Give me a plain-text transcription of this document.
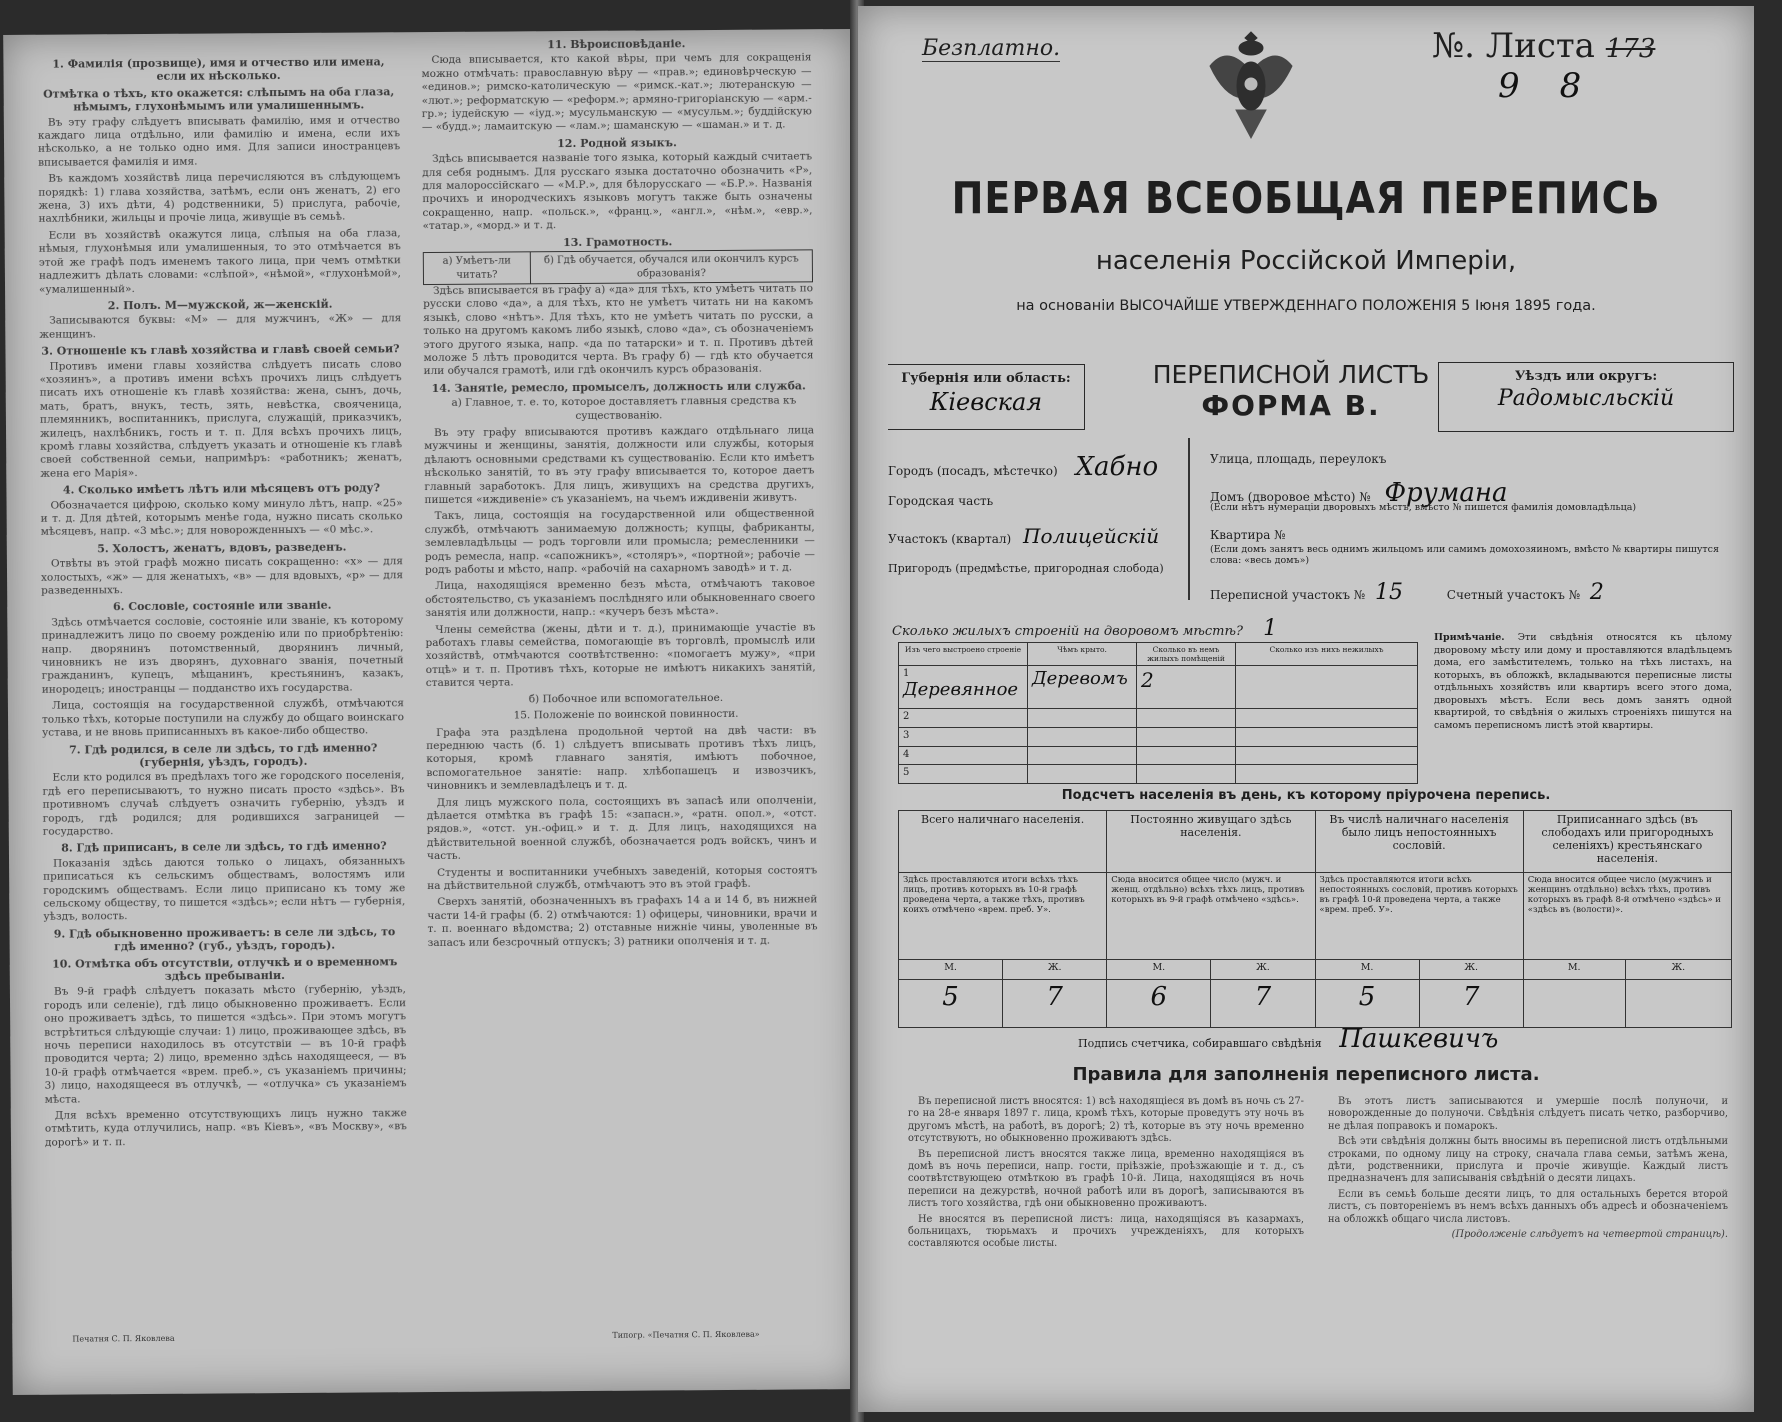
1. Фамилія (прозвище), имя и отчество или имена, если их нѣсколько.
Отмѣтка о тѣхъ, кто окажется: слѣпымъ на оба глаза, нѣмымъ, глухонѣмымъ или умалишеннымъ.

Въ эту графу слѣдуетъ вписывать фамилію, имя и отчество каждаго лица отдѣльно, или фамилію и имена, если ихъ нѣсколько, а не только одно имя. Для записи иностранцевъ вписывается фамилія и имя.

Въ каждомъ хозяйствѣ лица перечисляются въ слѣдующемъ порядкѣ: 1) глава хозяйства, затѣмъ, если онъ женатъ, 2) его жена, 3) ихъ дѣти, 4) родственники, 5) прислуга, рабочіе, нахлѣбники, жильцы и прочіе лица, живущіе въ семьѣ.

Если въ хозяйствѣ окажутся лица, слѣпыя на оба глаза, нѣмыя, глухонѣмыя или умалишенныя, то это отмѣчается въ этой же графѣ подъ именемъ такого лица, при чемъ отмѣтки надлежитъ дѣлать словами: «слѣпой», «нѣмой», «глухонѣмой», «умалишенный».

2. Полъ. М—мужской, ж—женскій.

Записываются буквы: «М» — для мужчинъ, «Ж» — для женщинъ.

3. Отношеніе къ главѣ хозяйства и главѣ своей семьи?

Противъ имени главы хозяйства слѣдуетъ писать слово «хозяинъ», а противъ имени всѣхъ прочихъ лицъ слѣдуетъ писать ихъ отношеніе къ главѣ хозяйства: жена, сынъ, дочь, мать, братъ, внукъ, тесть, зять, невѣстка, свояченица, племянникъ, воспитанникъ, прислуга, служащій, приказчикъ, жилецъ, нахлѣбникъ, гость и т. п. Для всѣхъ прочихъ лицъ, кромѣ главы хозяйства, слѣдуетъ указать и отношеніе къ главѣ своей собственной семьи, напримѣръ: «работникъ; женатъ, жена его Марія».

4. Сколько имѣетъ лѣтъ или мѣсяцевъ отъ роду?

Обозначается цифрою, сколько кому минуло лѣтъ, напр. «25» и т. д. Для дѣтей, которымъ менѣе года, нужно писать сколько мѣсяцевъ, напр. «3 мѣс.»; для новорожденныхъ — «0 мѣс.».

5. Холостъ, женатъ, вдовъ, разведенъ.

Отвѣты въ этой графѣ можно писать сокращенно: «х» — для холостыхъ, «ж» — для женатыхъ, «в» — для вдовыхъ, «р» — для разведенныхъ.

6. Сословіе, состояніе или званіе.

Здѣсь отмѣчается сословіе, состояніе или званіе, къ которому принадлежитъ лицо по своему рожденію или по приобрѣтенію: напр. дворянинъ потомственный, дворянинъ личный, чиновникъ не изъ дворянъ, духовнаго званія, почетный гражданинъ, купецъ, мѣщанинъ, крестьянинъ, казакъ, инородецъ; иностранцы — подданство ихъ государства.

Лица, состоящія на государственной службѣ, отмѣчаются только тѣхъ, которые поступили на службу до общаго воинскаго устава, и не вновь приписанныхъ въ какое-либо общество.

7. Гдѣ родился, в селе ли здѣсь, то гдѣ именно? (губернія, уѣздъ, городъ).

Если кто родился въ предѣлахъ того же городского поселенія, гдѣ его переписываютъ, то нужно писать просто «здѣсь». Въ противномъ случаѣ слѣдуетъ означить губернію, уѣздъ и городъ, гдѣ родился; для родившихся заграницей — государство.

8. Гдѣ приписанъ, в селе ли здѣсь, то гдѣ именно?

Показанія здѣсь даются только о лицахъ, обязанныхъ приписаться къ сельскимъ обществамъ, волостямъ или городскимъ обществамъ. Если лицо приписано къ тому же сельскому обществу, то пишется «здѣсь»; если нѣтъ — губернія, уѣздъ, волость.

9. Гдѣ обыкновенно проживаетъ: в селе ли здѣсь, то гдѣ именно? (губ., уѣздъ, городъ).
10. Отмѣтка объ отсутствіи, отлучкѣ и о временномъ здѣсь пребываніи.

Въ 9-й графѣ слѣдуетъ показать мѣсто (губернію, уѣздъ, городъ или селеніе), гдѣ лицо обыкновенно проживаетъ. Если оно проживаетъ здѣсь, то пишется «здѣсь». При этомъ могутъ встрѣтиться слѣдующіе случаи: 1) лицо, проживающее здѣсь, въ ночь переписи находилось въ отсутствіи — въ 10-й графѣ проводится черта; 2) лицо, временно здѣсь находящееся, — въ 10-й графѣ отмѣчается «врем. преб.», съ указаніемъ причины; 3) лицо, находящееся въ отлучкѣ, — «отлучка» съ указаніемъ мѣста.

Для всѣхъ временно отсутствующихъ лицъ нужно также отмѣтить, куда отлучились, напр. «въ Кіевъ», «въ Москву», «въ дорогѣ» и т. п.

11. Вѣроисповѣданіе.

Сюда вписывается, кто какой вѣры, при чемъ для сокращенія можно отмѣчать: православную вѣру — «прав.»; единовѣрческую — «единов.»; римско-католическую — «римск.-кат.»; лютеранскую — «лют.»; реформатскую — «реформ.»; армяно-григоріанскую — «арм.-гр.»; іудейскую — «іуд.»; мусульманскую — «мусульм.»; буддійскую — «будд.»; ламаитскую — «лам.»; шаманскую — «шаман.» и т. д.

12. Родной языкъ.

Здѣсь вписывается названіе того языка, который каждый считаетъ для себя роднымъ. Для русскаго языка достаточно обозначить «Р», для малороссійскаго — «М.Р.», для бѣлорусскаго — «Б.Р.». Названія прочихъ и инородческихъ языковъ могутъ также быть означены сокращенно, напр. «польск.», «франц.», «англ.», «нѣм.», «евр.», «татар.», «морд.» и т. д.

13. Грамотность.
а) Умѣетъ-ли читать?	б) Гдѣ обучается, обучался или окончилъ курсъ образованія?

Здѣсь вписывается въ графу а) «да» для тѣхъ, кто умѣетъ читать по русски слово «да», а для тѣхъ, кто не умѣетъ читать ни на какомъ языкѣ, слово «нѣтъ». Для тѣхъ, кто не умѣетъ читать по русски, а только на другомъ какомъ либо языкѣ, слово «да», съ обозначеніемъ этого другого языка, напр. «да по татарски» и т. п. Противъ дѣтей моложе 5 лѣтъ проводится черта. Въ графу б) — гдѣ кто обучается или обучался грамотѣ, или гдѣ окончилъ курсъ образованія.

14. Занятіе, ремесло, промыселъ, должность или служба.

а) Главное, т. е. то, которое доставляетъ главныя средства къ существованію.

Въ эту графу вписываются противъ каждаго отдѣльнаго лица мужчины и женщины, занятія, должности или службы, которыя дѣлаютъ основными средствами къ существованію. Если кто имѣетъ нѣсколько занятій, то въ эту графу вписывается то, которое даетъ главный заработокъ. Для лицъ, живущихъ на средства другихъ, пишется «иждивеніе» съ указаніемъ, на чьемъ иждивеніи живутъ.

Такъ, лица, состоящія на государственной или общественной службѣ, отмѣчаютъ занимаемую должность; купцы, фабриканты, землевладѣльцы — родъ торговли или промысла; ремесленники — родъ ремесла, напр. «сапожникъ», «столяръ», «портной»; рабочіе — родъ работы и мѣсто, напр. «рабочій на сахарномъ заводѣ» и т. д.

Лица, находящіяся временно безъ мѣста, отмѣчаютъ таковое обстоятельство, съ указаніемъ послѣдняго или обыкновеннаго своего занятія или должности, напр.: «кучеръ безъ мѣста».

Члены семейства (жены, дѣти и т. д.), принимающіе участіе въ работахъ главы семейства, помогающіе въ торговлѣ, промыслѣ или хозяйствѣ, отмѣчаются соотвѣтственно: «помогаетъ мужу», «при отцѣ» и т. п. Противъ тѣхъ, которые не имѣютъ никакихъ занятій, ставится черта.

б) Побочное или вспомогательное.

15. Положеніе по воинской повинности.

Графа эта раздѣлена продольной чертой на двѣ части: въ переднюю часть (б. 1) слѣдуетъ вписывать противъ тѣхъ лицъ, которыя, кромѣ главнаго занятія, имѣютъ побочное, вспомогательное занятіе: напр. хлѣбопашецъ и извозчикъ, чиновникъ и землевладѣлецъ и т. д.

Для лицъ мужского пола, состоящихъ въ запасѣ или ополченіи, дѣлается отмѣтка въ графѣ 15: «запасн.», «ратн. опол.», «отст. рядов.», «отст. ун.-офиц.» и т. д. Для лицъ, находящихся на дѣйствительной военной службѣ, обозначается родъ войскъ, чинъ и часть.

Студенты и воспитанники учебныхъ заведеній, которыя состоятъ на дѣйствительной службѣ, отмѣчаютъ это въ этой графѣ.

Сверхъ занятій, обозначенныхъ въ графахъ 14 а и 14 б, въ нижней части 14-й графы (б. 2) отмѣчаются: 1) офицеры, чиновники, врачи и т. п. военнаго вѣдомства; 2) отставные нижніе чины, уволенные въ запасъ или безсрочный отпускъ; 3) ратники ополченія и т. д.

Печатня С. П. Яковлева	Типогр. «Печатня С. П. Яковлева»
Безплатно.	№. Листа 173
98
ПЕРВАЯ ВСЕОБЩАЯ ПЕРЕПИСЬ
населенія Россійской Имперіи,
на основаніи ВЫСОЧАЙШЕ УТВЕРЖДЕННАГО ПОЛОЖЕНІЯ 5 Іюня 1895 года.
Губернія или область:
Кіевская
ПЕРЕПИСНОЙ ЛИСТЪ
ФОРМА В.
Уѣздъ или округъ:
Радомысльскій
Городъ (посадъ, мѣстечко) Хабно
Городская часть
Участокъ (квартал) Полицейскій
Пригородъ (предмѣстье, пригородная слобода)
Улица, площадь, переулокъ
Домъ (дворовое мѣсто) № Фрумана
(Если нѣтъ нумераціи дворовыхъ мѣстъ, вмѣсто № пишется фамилія домовладѣльца)
Квартира №
(Если домъ занятъ весь однимъ жильцомъ или самимъ домохозяиномъ, вмѣсто № квартиры пишутся слова: «весь домъ»)
Переписной участокъ № 15	Счетный участокъ № 2
Сколько жилыхъ строеній на дворовомъ мѣстѣ? 1
Изъ чего выстроено строеніе	Чѣмъ крыто.	Сколько въ немъ жилыхъ помѣщеній	Сколько изъ нихъ нежилыхъ
1 Деревянное	Деревомъ	2	
2			
3			
4			
5			
Примѣчаніе. Эти свѣдѣнія относятся къ цѣлому дворовому мѣсту или дому и проставляются владѣльцемъ дома, его замѣстителемъ, только на тѣхъ листахъ, на которыхъ, въ обложкѣ, вкладываются переписные листы отдѣльныхъ хозяйствъ или квартиръ всего этого дома, дворовыхъ мѣстъ. Если весь домъ занятъ одной квартирой, то свѣдѣнія о жилыхъ строеніяхъ пишутся на самомъ переписномъ листѣ этой квартиры.
Подсчетъ населенія въ день, къ которому пріурочена перепись.
Всего наличнаго населенія.		Постоянно живущаго здѣсь населенія.		Въ числѣ наличнаго населенія было лицъ непостоянныхъ сословій.		Приписаннаго здѣсь (въ слободахъ или пригородныхъ селеніяхъ) крестьянскаго населенія.	
Здѣсь проставляются итоги всѣхъ тѣхъ лицъ, противъ которыхъ въ 10-й графѣ проведена черта, а также тѣхъ, противъ коихъ отмѣчено «врем. преб. У».		Сюда вносится общее число (мужч. и женщ. отдѣльно) всѣхъ тѣхъ лицъ, противъ которыхъ въ 9-й графѣ отмѣчено «здѣсь».		Здѣсь проставляются итоги всѣхъ непостоянныхъ сословій, противъ которыхъ въ графѣ 10-й проведена черта, а также «врем. преб. У».		Сюда вносится общее число (мужчинъ и женщинъ отдѣльно) всѣхъ тѣхъ, противъ которыхъ въ графѣ 8-й отмѣчено «здѣсь» и «здѣсь въ (волости)».	
М.	Ж.	М.	Ж.	М.	Ж.	М.	Ж.
5	7	6	7	5	7		
Подпись счетчика, собиравшаго свѣдѣнія Пашкевичъ
Правила для заполненія переписного листа.

Въ переписной листъ вносятся: 1) всѣ находящіеся въ домѣ въ ночь съ 27-го на 28-е января 1897 г. лица, кромѣ тѣхъ, которые проведутъ эту ночь въ другомъ мѣстѣ, на работѣ, въ дорогѣ; 2) тѣ, которые въ эту ночь временно отсутствуютъ, но обыкновенно проживаютъ здѣсь.

Въ переписной листъ вносятся также лица, временно находящіяся въ домѣ въ ночь переписи, напр. гости, пріѣзжіе, проѣзжающіе и т. д., съ соотвѣтствующею отмѣткою въ графѣ 10-й. Лица, находящіяся въ ночь переписи на дежурствѣ, ночной работѣ или въ дорогѣ, записываются въ листъ того хозяйства, гдѣ они обыкновенно проживаютъ.

Не вносятся въ переписной листъ: лица, находящіяся въ казармахъ, больницахъ, тюрьмахъ и прочихъ учрежденіяхъ, для которыхъ составляются особые листы.

Въ этотъ листъ записываются и умершіе послѣ полуночи, и новорожденные до полуночи. Свѣдѣнія слѣдуетъ писать четко, разборчиво, не дѣлая поправокъ и помарокъ.

Всѣ эти свѣдѣнія должны быть вносимы въ переписной листъ отдѣльными строками, по одному лицу на строку, сначала глава семьи, затѣмъ жена, дѣти, родственники, прислуга и прочіе живущіе. Каждый листъ предназначенъ для записыванія свѣдѣній о десяти лицахъ.

Если въ семьѣ больше десяти лицъ, то для остальныхъ берется второй листъ, съ повтореніемъ въ немъ всѣхъ данныхъ объ адресѣ и обозначеніемъ на обложкѣ общаго числа листовъ.

(Продолженіе слѣдуетъ на четвертой страницѣ).
